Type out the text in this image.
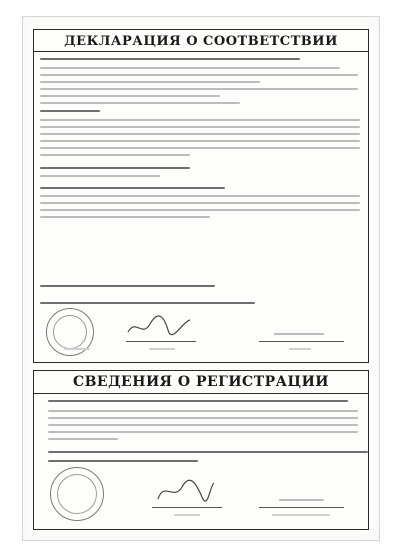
ДЕКЛАРАЦИЯ О СООТВЕТСТВИИ
СВЕДЕНИЯ О РЕГИСТРАЦИИ
